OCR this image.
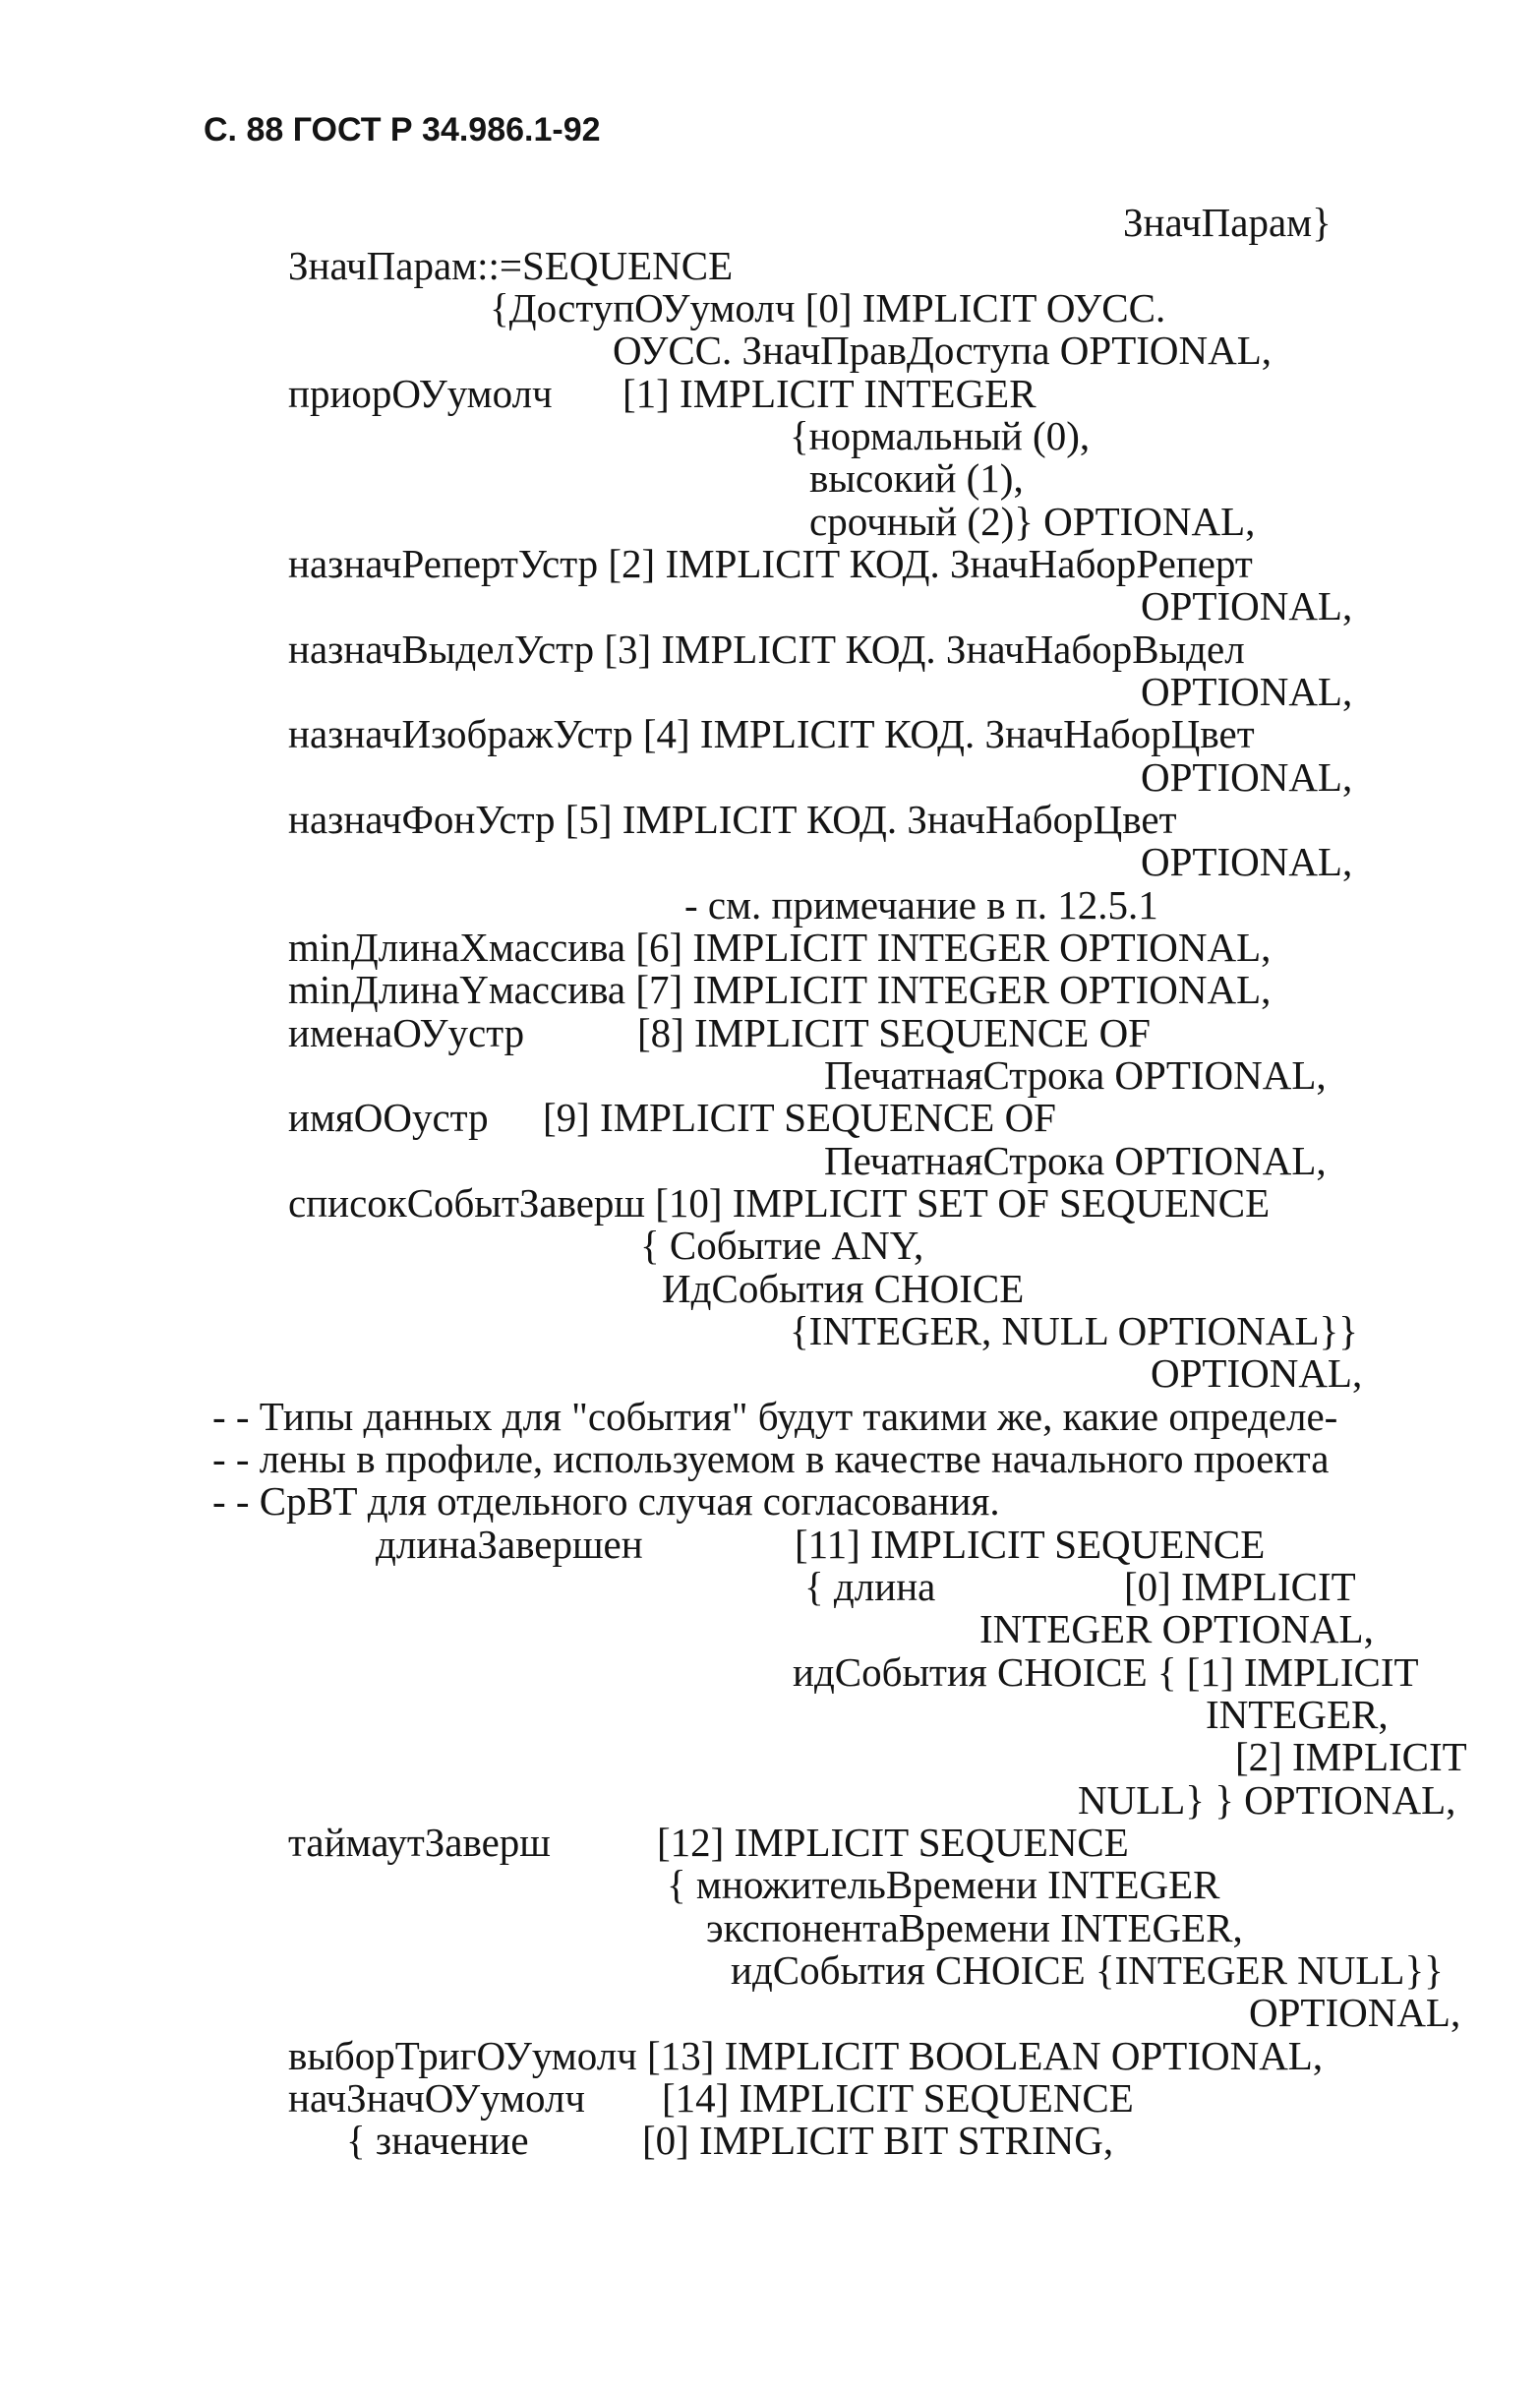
С. 88 ГОСТ Р 34.986.1-92
ЗначПарам}
ЗначПарам::=SEQUENCE
{ДоступОУумолч [0] IMPLICIT ОУСС.
ОУСС. ЗначПравДоступа OPTIONAL,
приорОУумолч [1] IMPLICIT INTEGER
{нормальный (0),
высокий (1),
срочный (2)} OPTIONAL,
назначРепертУстр [2] IMPLICIT КОД. ЗначНаборРеперт
OPTIONAL,
назначВыделУстр [3] IMPLICIT КОД. ЗначНаборВыдел
OPTIONAL,
назначИзображУстр [4] IMPLICIT КОД. ЗначНаборЦвет
OPTIONAL,
назначФонУстр [5] IMPLICIT КОД. ЗначНаборЦвет
OPTIONAL,
- см. примечание в п. 12.5.1
minДлинаXмассива [6] IMPLICIT INTEGER OPTIONAL,
minДлинаYмассива [7] IMPLICIT INTEGER OPTIONAL,
именаОУустр	[8] IMPLICIT SEQUENCE OF
ПечатнаяСтрока OPTIONAL,
имяООустр [9] IMPLICIT SEQUENCE OF
ПечатнаяСтрока OPTIONAL,
списокСобытЗаверш [10] IMPLICIT SET OF SEQUENCE
{ Событие ANY,
ИдСобытия CHOICE
{INTEGER, NULL OPTIONAL}}
OPTIONAL,
- - Типы данных для "события" будут такими же, какие определе-
- - лены в профиле, используемом в качестве начального проекта
- - СрВТ для отдельного случая согласования.
длинаЗавершен	[11] IMPLICIT SEQUENCE
{ длина	[0] IMPLICIT
INTEGER OPTIONAL,
идСобытия CHOICE { [1] IMPLICIT
INTEGER,
[2] IMPLICIT
NULL} } OPTIONAL,
таймаутЗаверш	[12] IMPLICIT SEQUENCE
{ множительВремени INTEGER
экспонентаВремени INTEGER,
идСобытия CHOICE {INTEGER NULL}}
OPTIONAL,
выборТригОУумолч [13] IMPLICIT BOOLEAN OPTIONAL,
начЗначОУумолч [14] IMPLICIT SEQUENCE
{ значение	[0] IMPLICIT BIT STRING,
